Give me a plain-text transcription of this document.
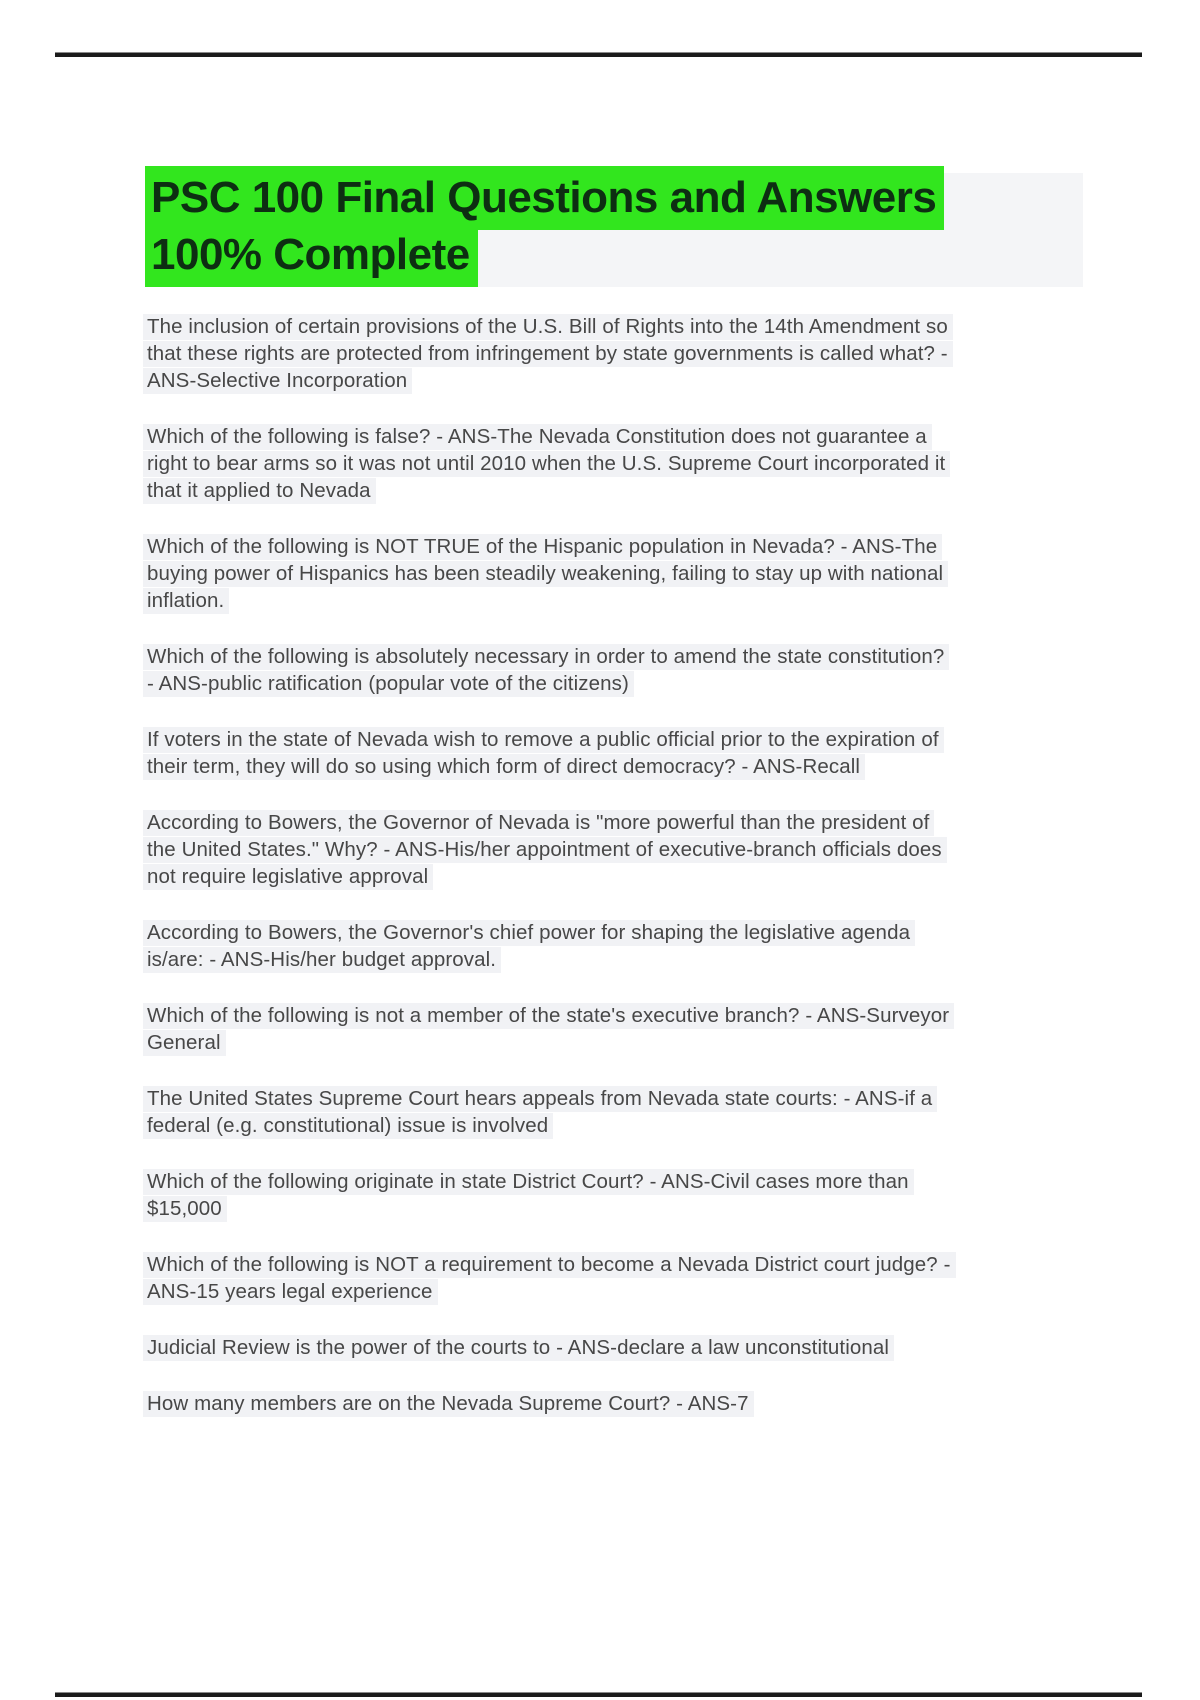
PSC 100 Final Questions and Answers
100% Complete

The inclusion of certain provisions of the U.S. Bill of Rights into the 14th Amendment so
that these rights are protected from infringement by state governments is called what? -
ANS-Selective Incorporation

Which of the following is false? - ANS-The Nevada Constitution does not guarantee a
right to bear arms so it was not until 2010 when the U.S. Supreme Court incorporated it
that it applied to Nevada

Which of the following is NOT TRUE of the Hispanic population in Nevada? - ANS-The
buying power of Hispanics has been steadily weakening, failing to stay up with national
inflation.

Which of the following is absolutely necessary in order to amend the state constitution?
- ANS-public ratification (popular vote of the citizens)

If voters in the state of Nevada wish to remove a public official prior to the expiration of
their term, they will do so using which form of direct democracy? - ANS-Recall

According to Bowers, the Governor of Nevada is "more powerful than the president of
the United States." Why? - ANS-His/her appointment of executive-branch officials does
not require legislative approval

According to Bowers, the Governor's chief power for shaping the legislative agenda
is/are: - ANS-His/her budget approval.

Which of the following is not a member of the state's executive branch? - ANS-Surveyor
General

The United States Supreme Court hears appeals from Nevada state courts: - ANS-if a
federal (e.g. constitutional) issue is involved

Which of the following originate in state District Court? - ANS-Civil cases more than
$15,000

Which of the following is NOT a requirement to become a Nevada District court judge? -
ANS-15 years legal experience

Judicial Review is the power of the courts to - ANS-declare a law unconstitutional

How many members are on the Nevada Supreme Court? - ANS-7
